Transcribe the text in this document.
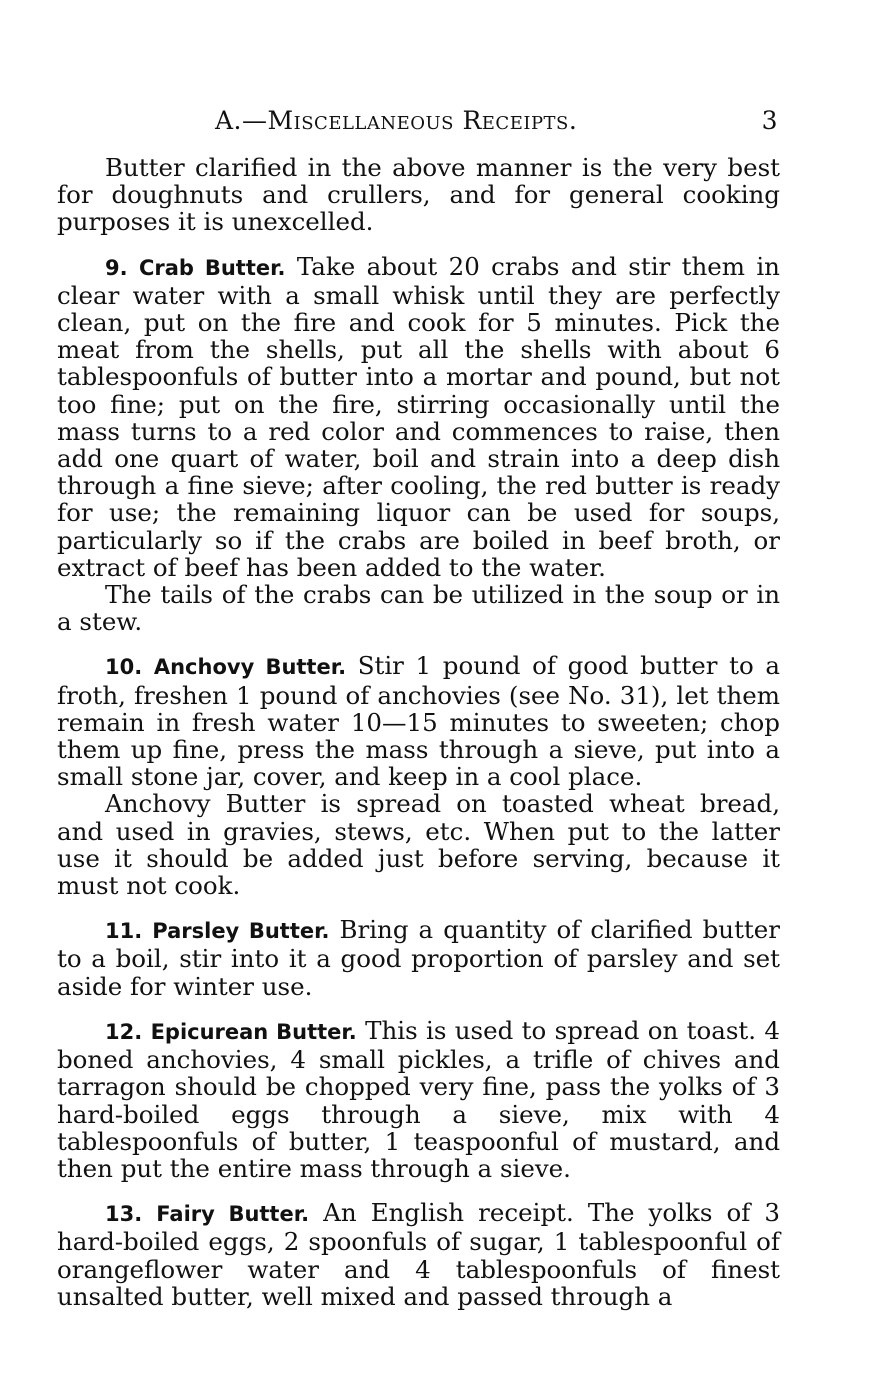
A.—Miscellaneous Receipts.	3

Butter clarified in the above manner is the very best for doughnuts and crullers, and for general cooking purposes it is unexcelled.

9. Crab Butter. Take about 20 crabs and stir them in clear water with a small whisk until they are perfectly clean, put on the fire and cook for 5 minutes. Pick the meat from the shells, put all the shells with about 6 tablespoonfuls of butter into a mortar and pound, but not too fine; put on the fire, stirring occasionally until the mass turns to a red color and commences to raise, then add one quart of water, boil and strain into a deep dish through a fine sieve; after cooling, the red butter is ready for use; the remaining liquor can be used for soups, particularly so if the crabs are boiled in beef broth, or extract of beef has been added to the water.

The tails of the crabs can be utilized in the soup or in a stew.

10. Anchovy Butter. Stir 1 pound of good butter to a froth, freshen 1 pound of anchovies (see No. 31), let them remain in fresh water 10—15 minutes to sweeten; chop them up fine, press the mass through a sieve, put into a small stone jar, cover, and keep in a cool place.

Anchovy Butter is spread on toasted wheat bread, and used in gravies, stews, etc. When put to the latter use it should be added just before serving, because it must not cook.

11. Parsley Butter. Bring a quantity of clarified butter to a boil, stir into it a good proportion of parsley and set aside for winter use.

12. Epicurean Butter. This is used to spread on toast. 4 boned anchovies, 4 small pickles, a trifle of chives and tarragon should be chopped very fine, pass the yolks of 3 hard-boiled eggs through a sieve, mix with 4 tablespoonfuls of butter, 1 teaspoonful of mustard, and then put the entire mass through a sieve.

13. Fairy Butter. An English receipt. The yolks of 3 hard-boiled eggs, 2 spoonfuls of sugar, 1 tablespoonful of orangeflower water and 4 tablespoonfuls of finest unsalted butter, well mixed and passed through a
